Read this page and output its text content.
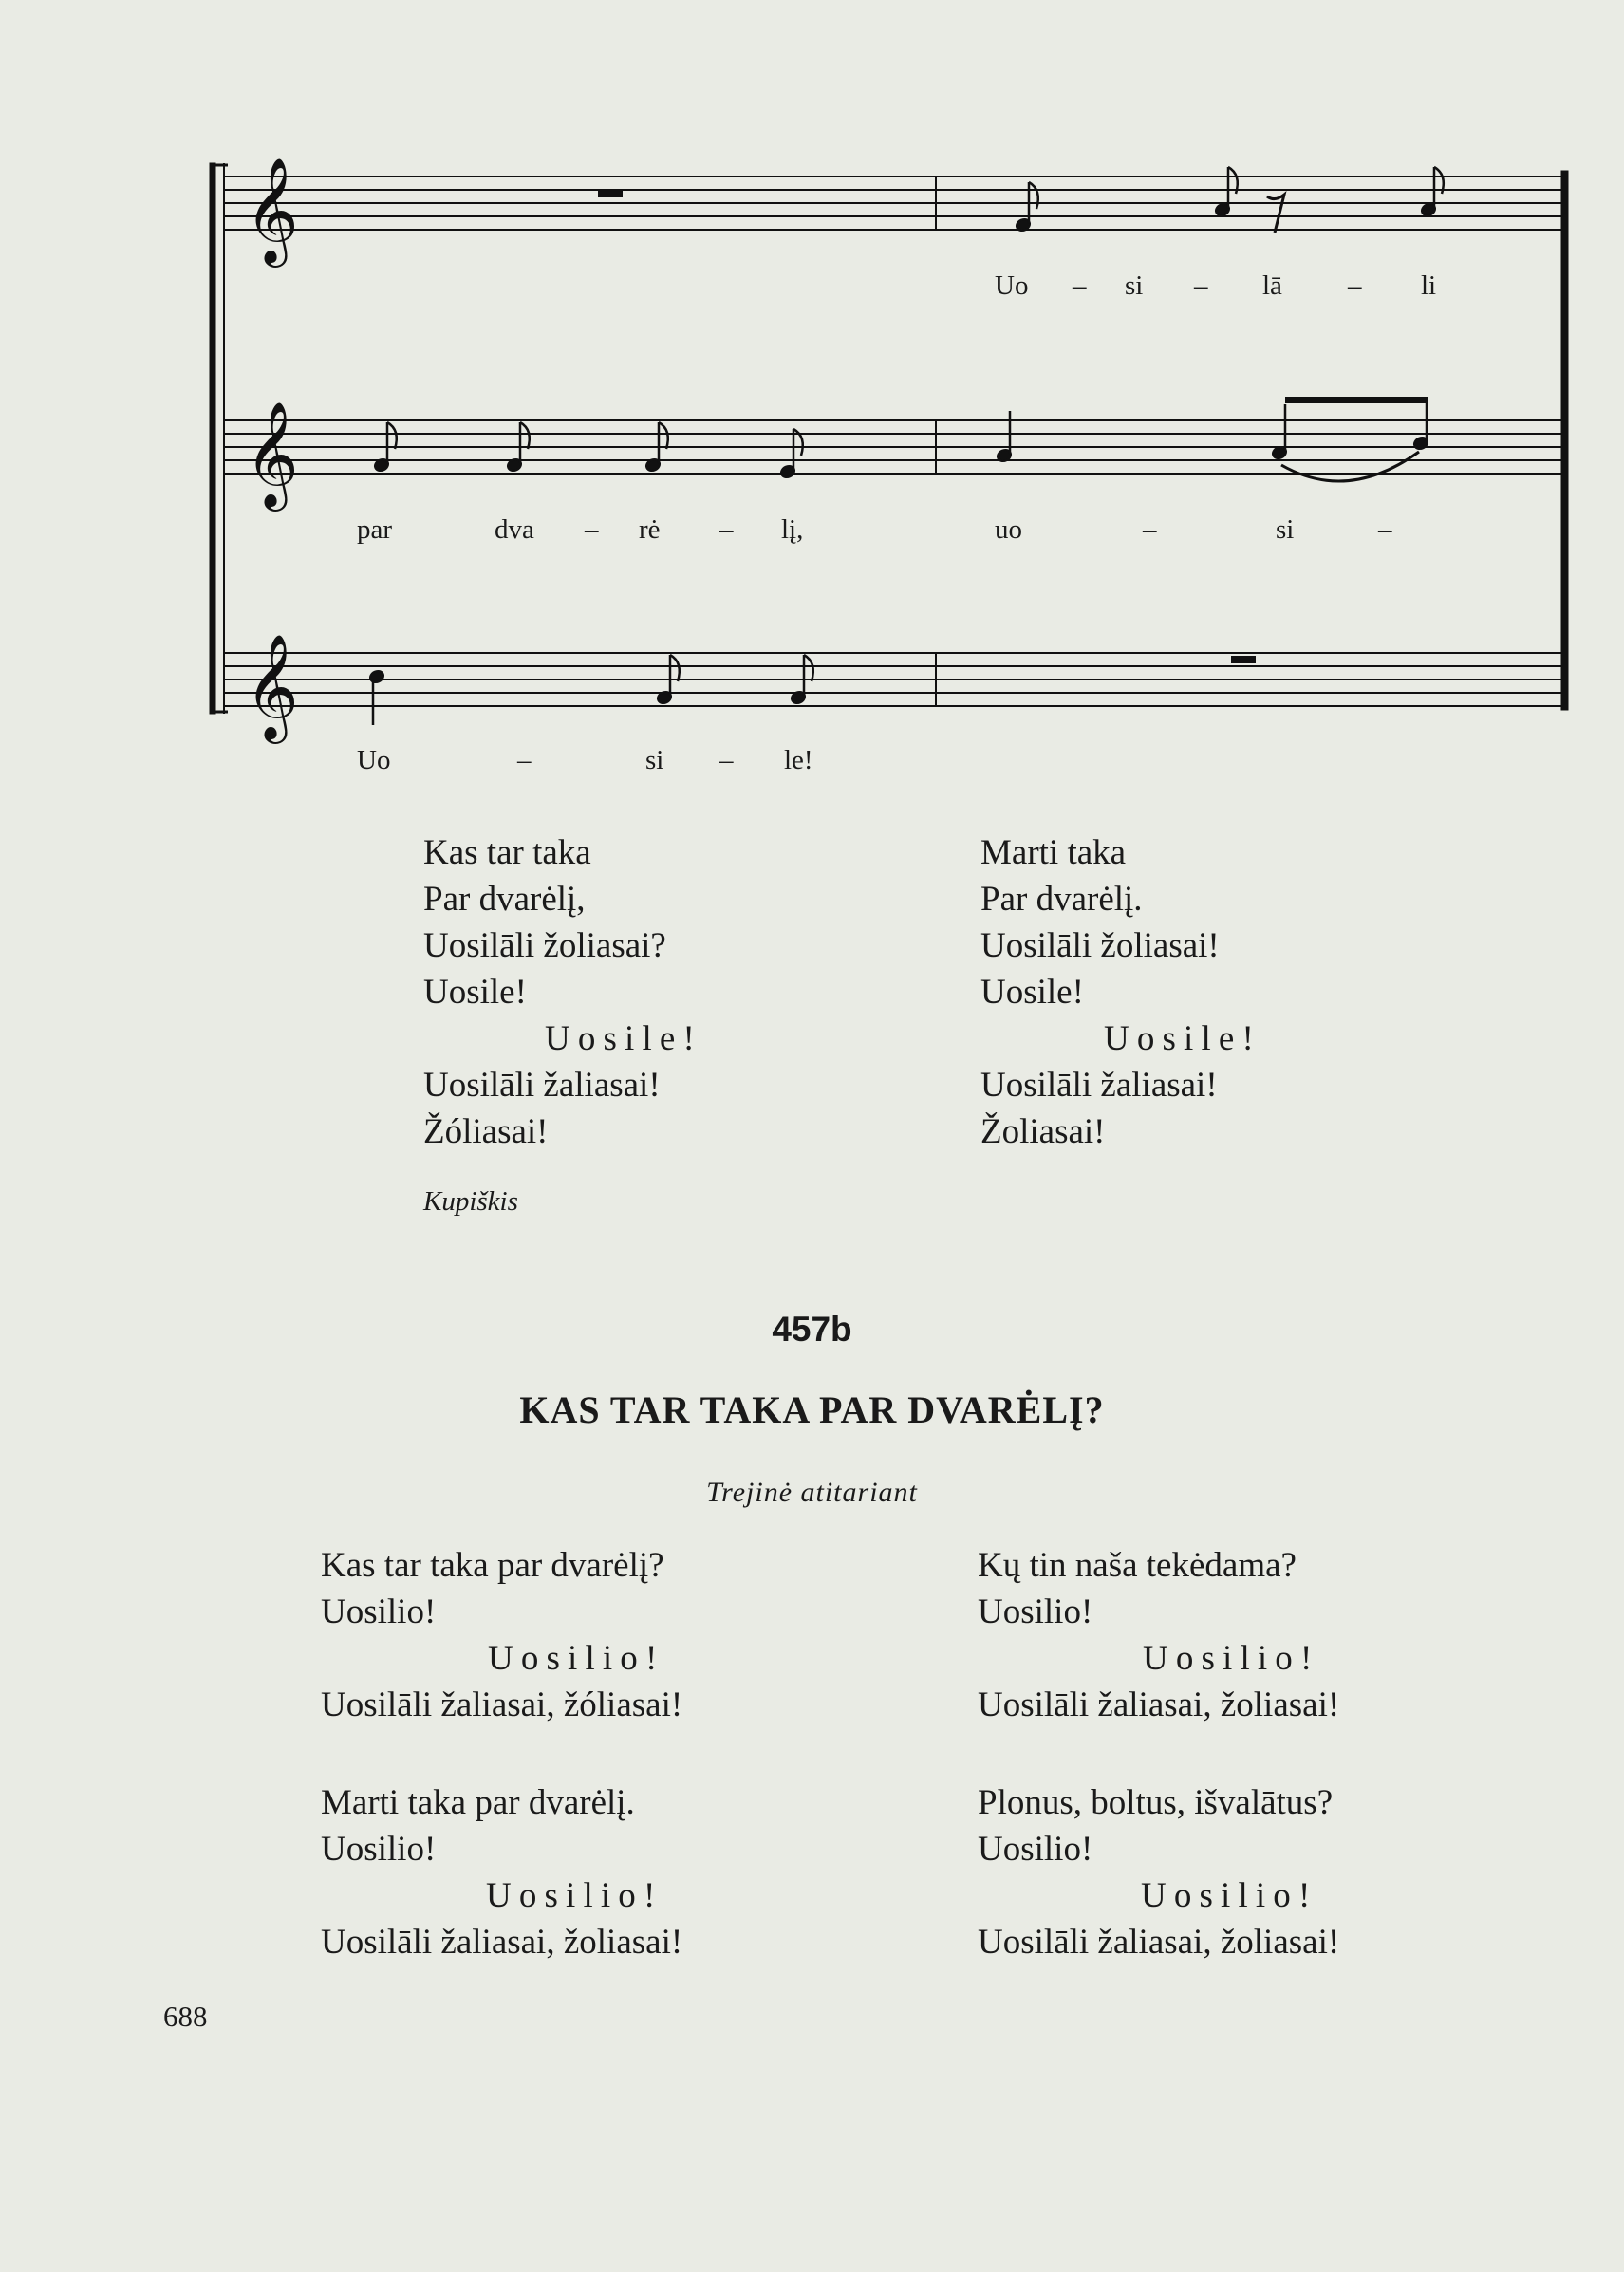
𝄞
𝄞
𝄞
Uo – si – lā – li
par	dva – rė – lį,	uo	–	si	–
Uo	–	si – le!
Kas tar taka
Par dvarėlį,
Uosilāli žoliasai?
Uosile!
Uosile!
Uosilāli žaliasai!
Žóliasai!
Marti taka
Par dvarėlį.
Uosilāli žoliasai!
Uosile!
Uosile!
Uosilāli žaliasai!
Žoliasai!
Kupiškis
457b
KAS TAR TAKA PAR DVARĖLĮ?
Trejinė atitariant
Kas tar taka par dvarėlį?
Uosilio!
Uosilio!
Uosilāli žaliasai, žóliasai!
Kų tin naša tekėdama?
Uosilio!
Uosilio!
Uosilāli žaliasai, žoliasai!
Marti taka par dvarėlį.
Uosilio!
Uosilio!
Uosilāli žaliasai, žoliasai!
Plonus, boltus, išvalātus?
Uosilio!
Uosilio!
Uosilāli žaliasai, žoliasai!
688
